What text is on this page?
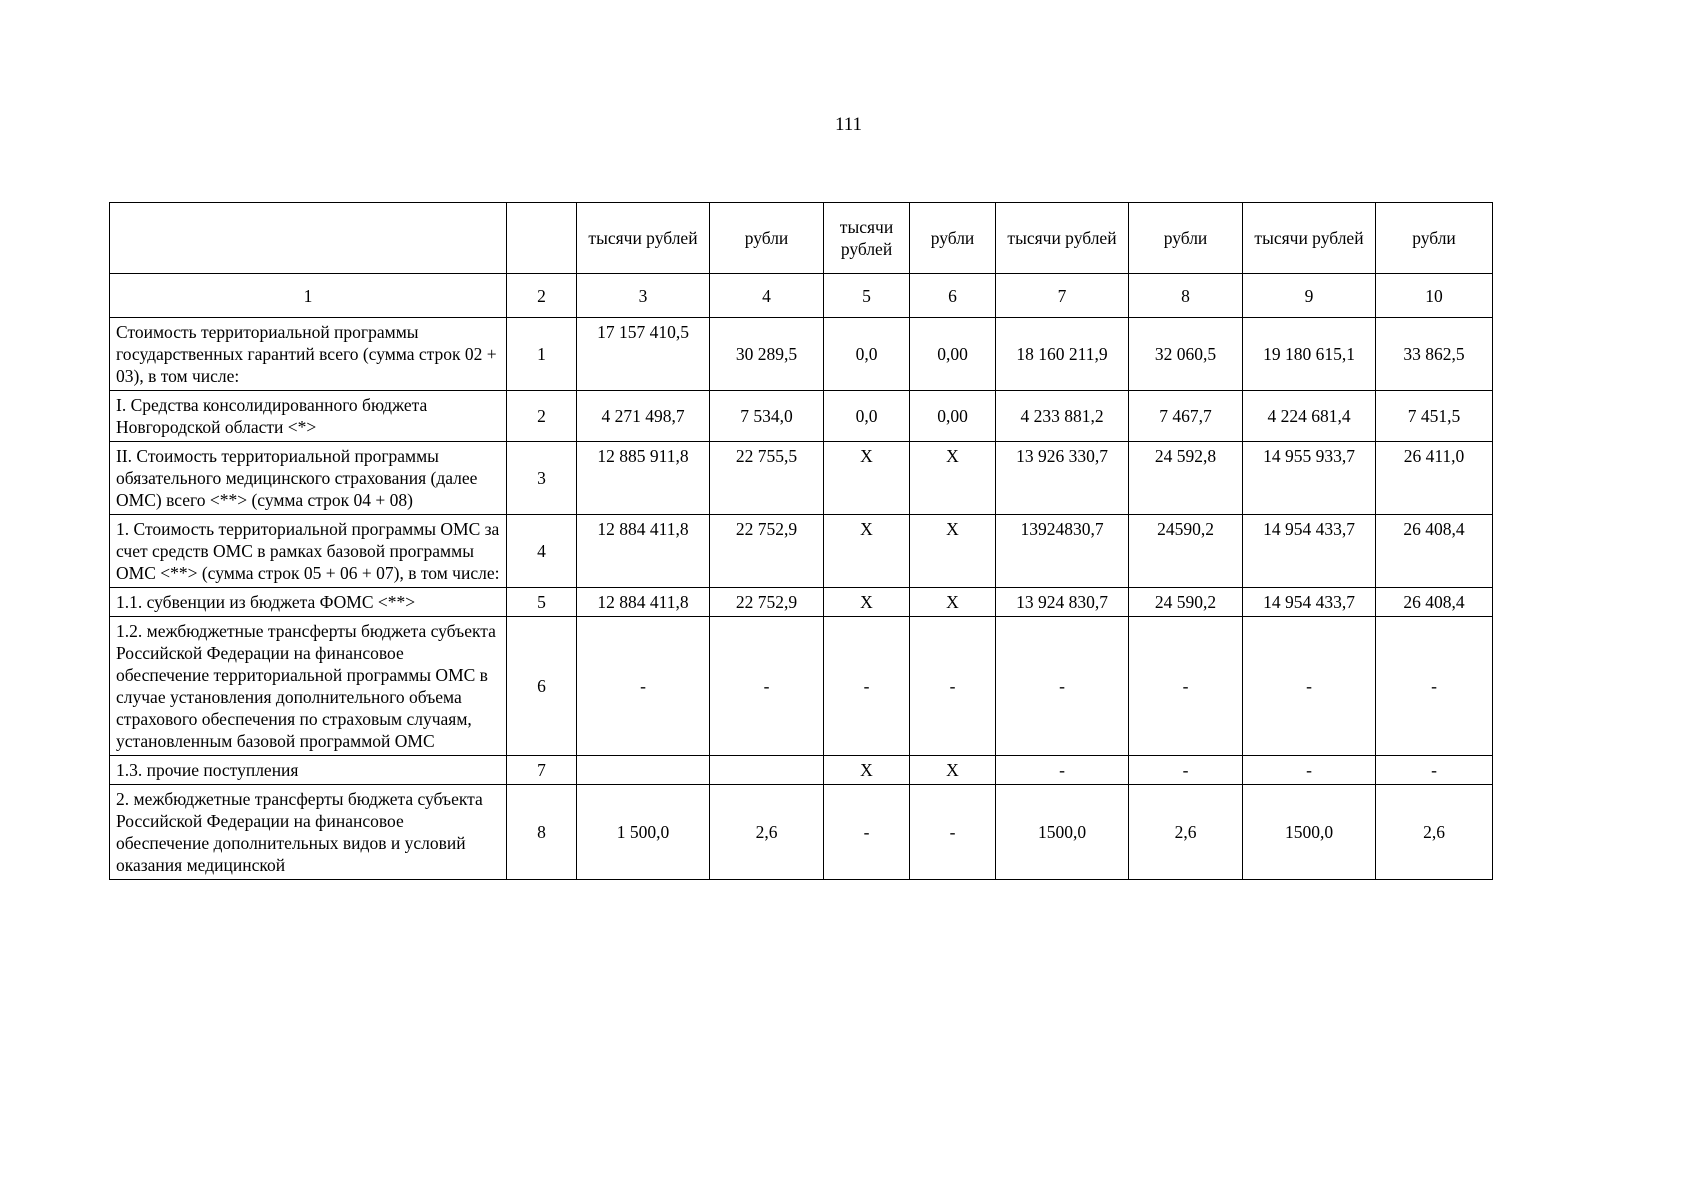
111
		тысячи рублей	рубли	тысячи рублей	рубли	тысячи рублей	рубли	тысячи рублей	рубли
1	2	3	4	5	6	7	8	9	10
Стоимость территориальной программы государственных гарантий всего (сумма строк 02 + 03), в том числе:	1	17 157 410,5	30 289,5	0,0	0,00	18 160 211,9	32 060,5	19 180 615,1	33 862,5
I. Средства консолидированного бюджета Новгородской области <*>	2	4 271 498,7	7 534,0	0,0	0,00	4 233 881,2	7 467,7	4 224 681,4	7 451,5
II. Стоимость территориальной программы обязательного медицинского страхования (далее ОМС) всего <**> (сумма строк 04 + 08)	3	12 885 911,8	22 755,5	X	X	13 926 330,7	24 592,8	14 955 933,7	26 411,0
1. Стоимость территориальной программы ОМС за счет средств ОМС в рамках базовой программы ОМС <**> (сумма строк 05 + 06 + 07), в том числе:	4	12 884 411,8	22 752,9	X	X	13924830,7	24590,2	14 954 433,7	26 408,4
1.1. субвенции из бюджета ФОМС <**>	5	12 884 411,8	22 752,9	X	X	13 924 830,7	24 590,2	14 954 433,7	26 408,4
1.2. межбюджетные трансферты бюджета субъекта Российской Федерации на финансовое обеспечение территориальной программы ОМС в случае установления дополнительного объема страхового обеспечения по страховым случаям, установленным базовой программой ОМС	6	-	-	-	-	-	-	-	-
1.3. прочие поступления	7			X	X	-	-	-	-
2. межбюджетные трансферты бюджета субъекта Российской Федерации на финансовое обеспечение дополнительных видов и условий оказания медицинской	8	1 500,0	2,6	-	-	1500,0	2,6	1500,0	2,6
